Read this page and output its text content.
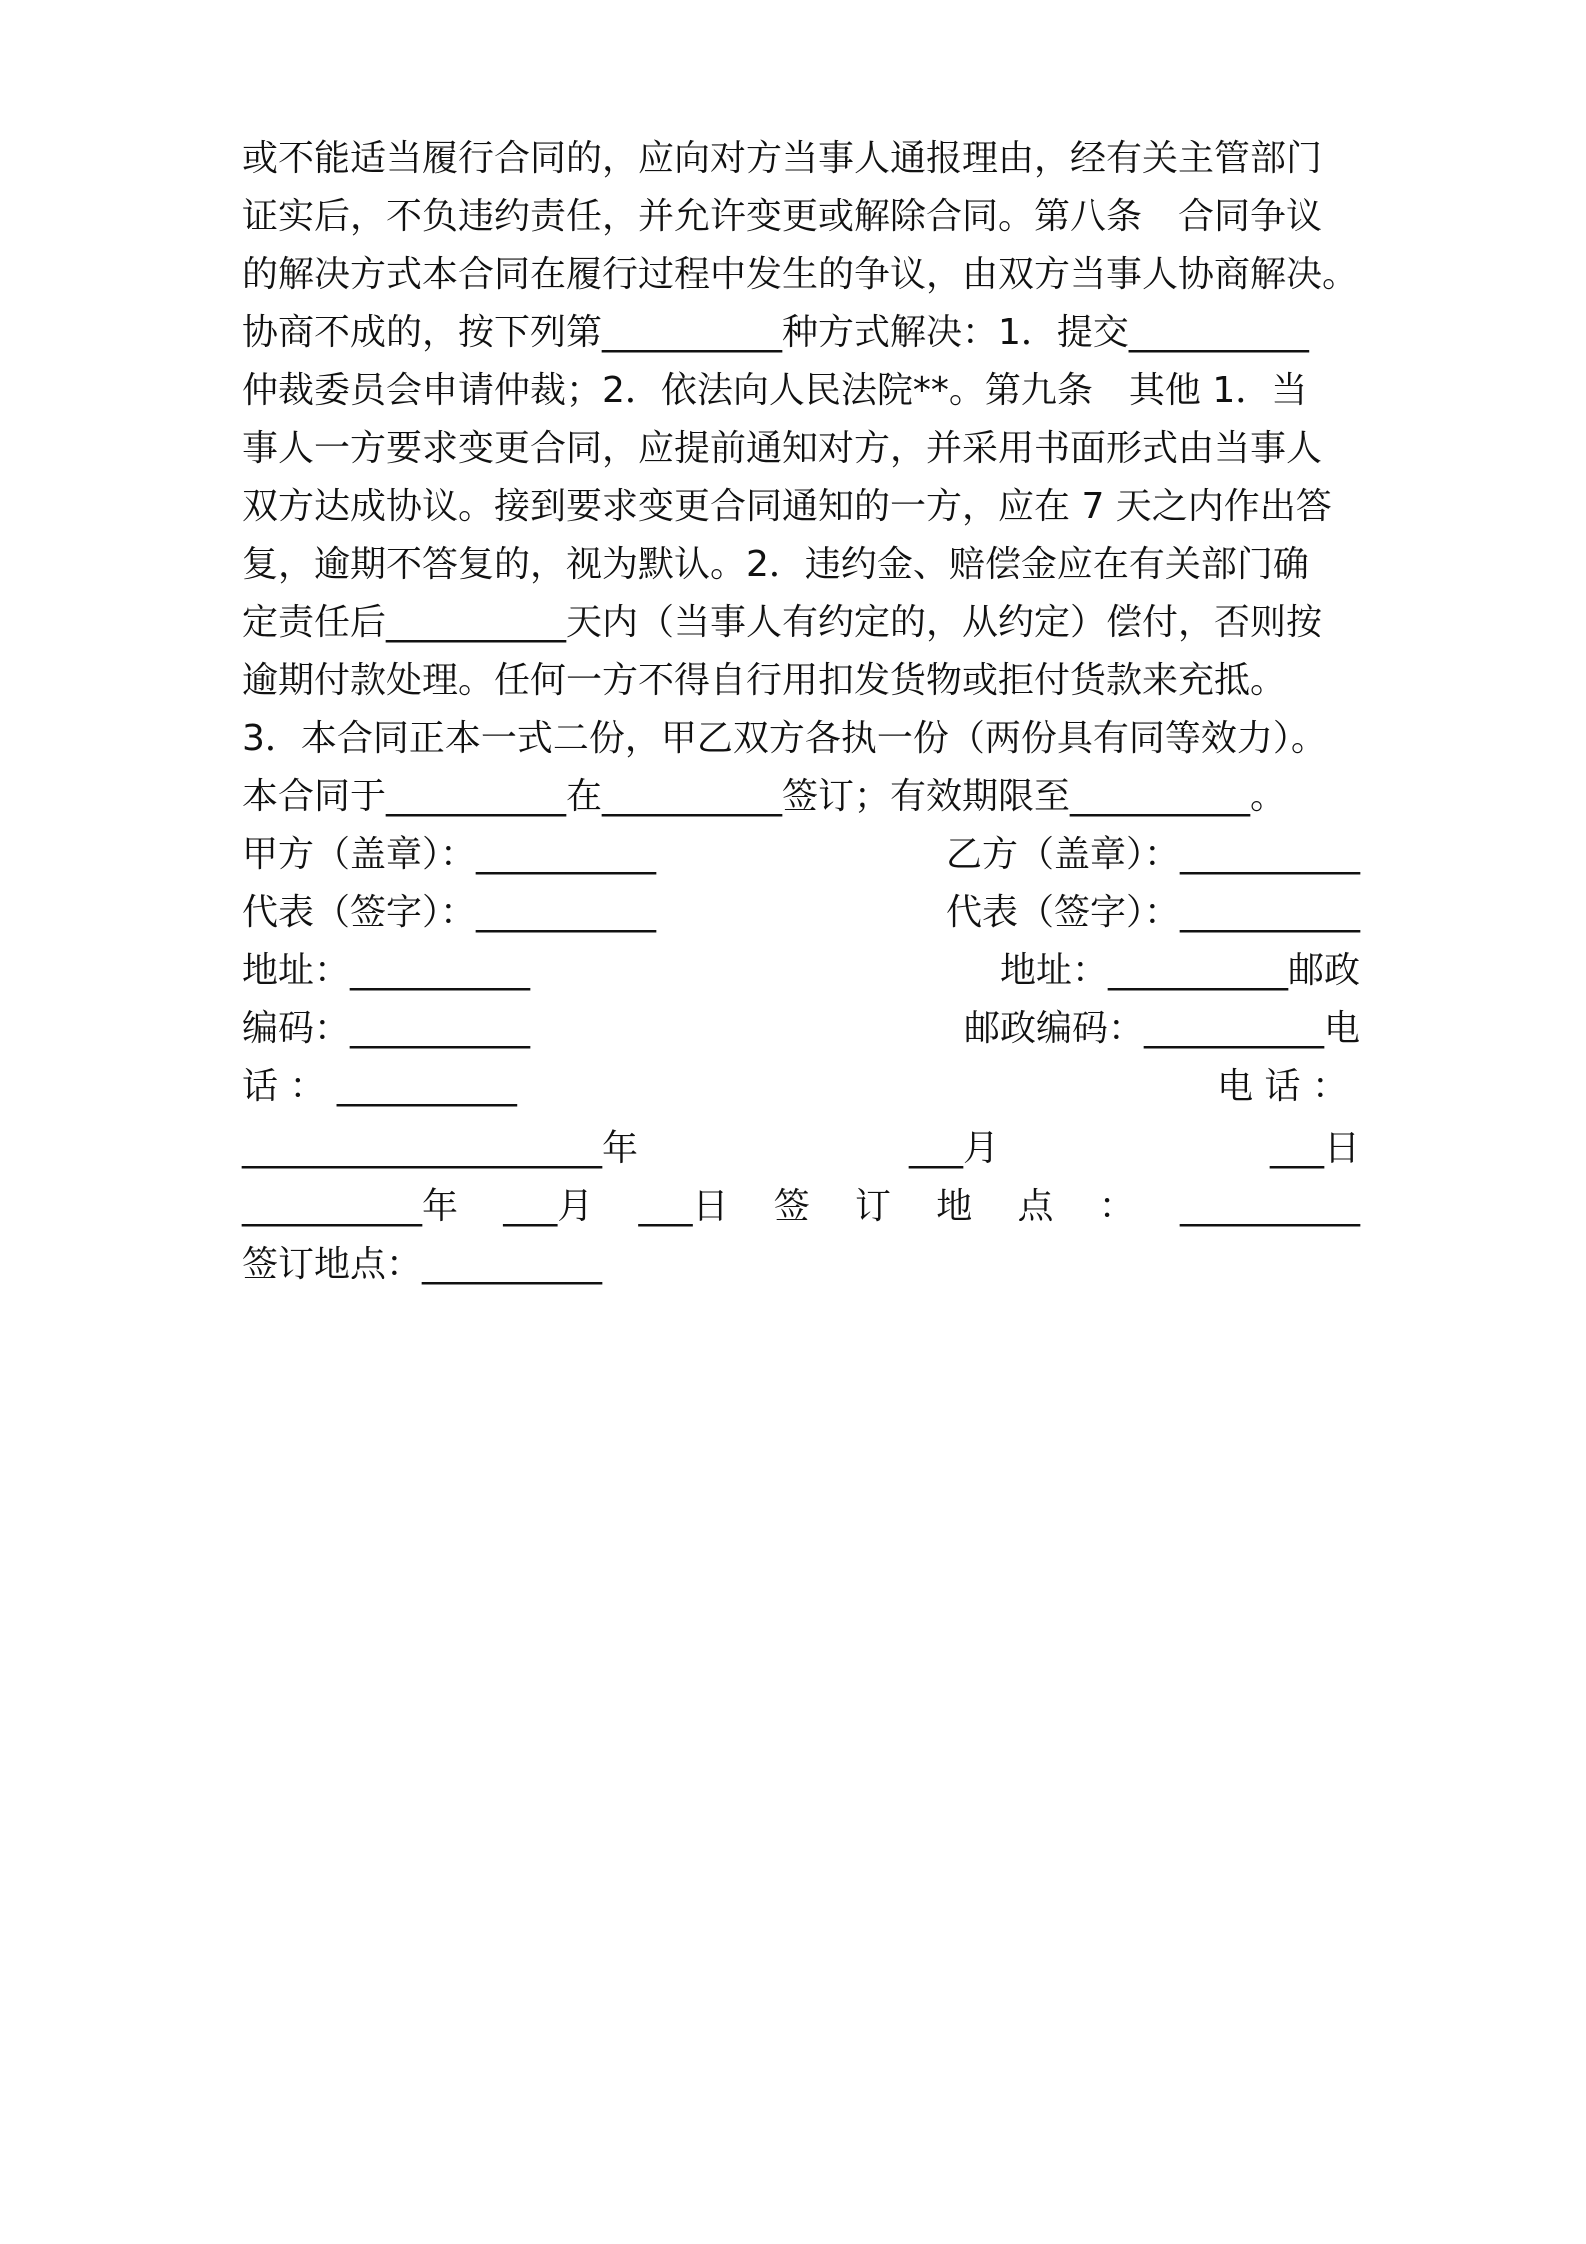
或不能适当履行合同的，应向对方当事人通报理由，经有关主管部门
证实后，不负违约责任，并允许变更或解除合同。第八条　合同争议
的解决方式本合同在履行过程中发生的争议，由双方当事人协商解决。
协商不成的，按下列第__________种方式解决：1．提交__________
仲裁委员会申请仲裁；2．依法向人民法院**。第九条　其他 1．当
事人一方要求变更合同，应提前通知对方，并采用书面形式由当事人
双方达成协议。接到要求变更合同通知的一方，应在 7 天之内作出答
复，逾期不答复的，视为默认。2．违约金、赔偿金应在有关部门确
定责任后__________天内（当事人有约定的，从约定）偿付，否则按
逾期付款处理。任何一方不得自行用扣发货物或拒付货款来充抵。
3．本合同正本一式二份，甲乙双方各执一份（两份具有同等效力）。
本合同于__________在__________签订；有效期限至__________。
甲方（盖章）：__________	乙方（盖章）：__________
代表（签字）：__________	代表（签字）：__________
地址：__________	地址：__________邮政
编码：__________	邮政编码：__________电
话 ： __________	电 话 ：
____________________年	___月	___日
__________年 ___月 ___日 签 订 地 点 ： __________
签订地点：__________
